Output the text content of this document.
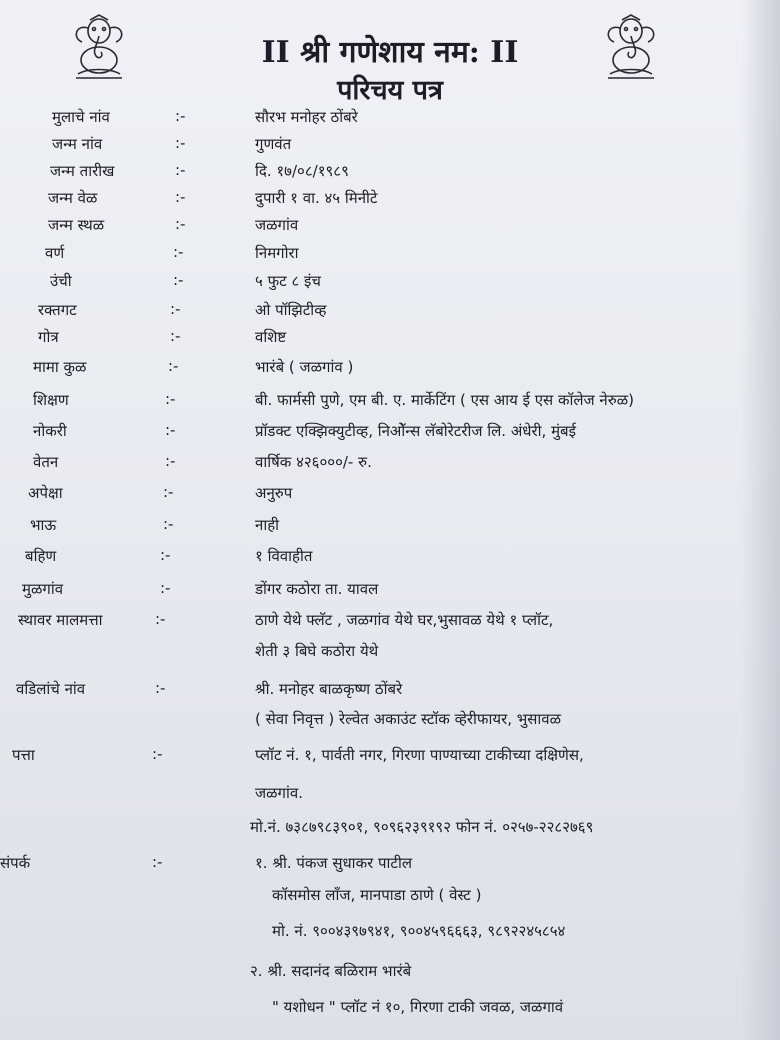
II श्री गणेशाय नम: II
परिचय पत्र
मुलाचे नांव	:-	सौरभ मनोहर ठोंबरे
जन्म नांव	:-	गुणवंत
जन्म तारीख	:-	दि. १७/०८/१९८९
जन्म वेळ	:-	दुपारी १ वा. ४५ मिनीटे
जन्म स्थळ	:-	जळगांव
वर्ण	:-	निमगोरा
उंची	:-	५ फुट ८ इंच
रक्तगट	:-	ओ पॉझिटीव्ह
गोत्र	:-	वशिष्ट
मामा कुळ	:-	भारंबे ( जळगांव )
शिक्षण	:-	बी. फार्मसी पुणे, एम बी. ए. मार्केटिंग ( एस आय ई एस कॉलेज नेरुळ)
नोकरी	:-	प्रॉडक्ट एक्झिक्युटीव्ह, निओ‍ॅन्स लॅबोरेटरीज लि. अंधेरी, मुंबई
वेतन	:-	वार्षिक ४२६०००/- रु.
अपेक्षा	:-	अनुरुप
भाऊ	:-	नाही
बहिण	:-	१ विवाहीत
मुळगांव	:-	डोंगर कठोरा ता. यावल
स्थावर मालमत्ता	:-	ठाणे येथे फ्लॅट , जळगांव येथे घर,भुसावळ येथे १ प्लॉट,
शेती ३ बिघे कठोरा येथे
वडिलांचे नांव	:-	श्री. मनोहर बाळकृष्ण ठोंबरे
( सेवा निवृत्त ) रेल्वेत अकाउंट स्टॉक व्हेरीफायर, भुसावळ
पत्ता	:-	प्लॉट नं. १, पार्वती नगर, गिरणा पाण्याच्या टाकीच्या दक्षिणेस,
जळगांव.
मो.नं. ७३८७९८३९०१, ९०९६२३९१९२ फोन नं. ०२५७-२२८२७६९
संपर्क	:-	१. श्री. पंकज सुधाकर पाटील
कॉसमोस लॉंज, मानपाडा ठाणे ( वेस्ट )
मो. नं. ९००४३९७९४१, ९००४५९६६६३, ९८९२२४५८५४
२. श्री. सदानंद बळिराम भारंबे
" यशोधन " प्लॉट नं १०, गिरणा टाकी जवळ, जळगावं
